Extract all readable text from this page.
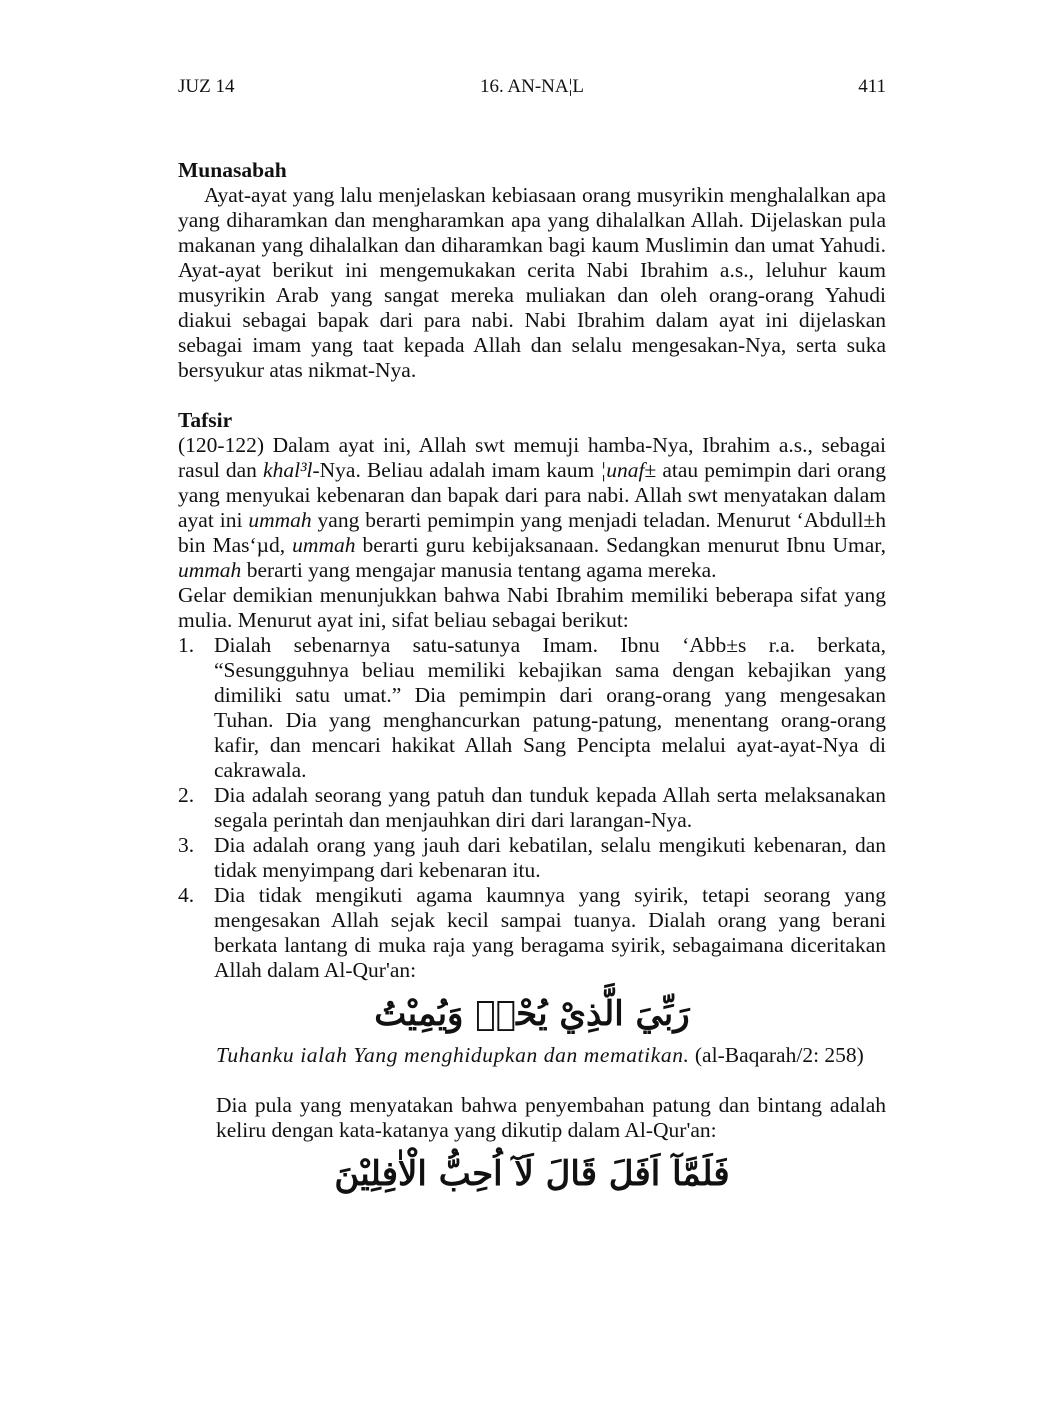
16. AN-NA¦L
JUZ 14	411

Munasabah

Ayat-ayat yang lalu menjelaskan kebiasaan orang musyrikin menghalalkan apa yang diharamkan dan mengharamkan apa yang dihalalkan Allah. Dijelaskan pula makanan yang dihalalkan dan diharamkan bagi kaum Muslimin dan umat Yahudi. Ayat-ayat berikut ini mengemukakan cerita Nabi Ibrahim a.s., leluhur kaum musyrikin Arab yang sangat mereka muliakan dan oleh orang-orang Yahudi diakui sebagai bapak dari para nabi. Nabi Ibrahim dalam ayat ini dijelaskan sebagai imam yang taat kepada Allah dan selalu mengesakan-Nya, serta suka bersyukur atas nikmat-Nya.

Tafsir

(120-122) Dalam ayat ini, Allah swt memuji hamba-Nya, Ibrahim a.s., sebagai rasul dan khal³l-Nya. Beliau adalah imam kaum ¦unaf± atau pemimpin dari orang yang menyukai kebenaran dan bapak dari para nabi. Allah swt menyatakan dalam ayat ini ummah yang berarti pemimpin yang menjadi teladan. Menurut ‘Abdull±h bin Mas‘µd, ummah berarti guru kebijaksanaan. Sedangkan menurut Ibnu Umar, ummah berarti yang mengajar manusia tentang agama mereka.

Gelar demikian menunjukkan bahwa Nabi Ibrahim memiliki beberapa sifat yang mulia. Menurut ayat ini, sifat beliau sebagai berikut:

1. Dialah sebenarnya satu-satunya Imam. Ibnu ‘Abb±s r.a. berkata, “Sesungguhnya beliau memiliki kebajikan sama dengan kebajikan yang dimiliki satu umat.” Dia pemimpin dari orang-orang yang mengesakan Tuhan. Dia yang menghancurkan patung-patung, menentang orang-orang kafir, dan mencari hakikat Allah Sang Pencipta melalui ayat-ayat-Nya di cakrawala.
2. Dia adalah seorang yang patuh dan tunduk kepada Allah serta melaksanakan segala perintah dan menjauhkan diri dari larangan-Nya.
3. Dia adalah orang yang jauh dari kebatilan, selalu mengikuti kebenaran, dan tidak menyimpang dari kebenaran itu.
4. Dia tidak mengikuti agama kaumnya yang syirik, tetapi seorang yang mengesakan Allah sejak kecil sampai tuanya. Dialah orang yang berani berkata lantang di muka raja yang beragama syirik, sebagaimana diceritakan Allah dalam Al-Qur'an:
رَبِّيَ الَّذِيْ يُحْيٖ وَيُمِيْتُ

Tuhanku ialah Yang menghidupkan dan mematikan. (al-Baqarah/2: 258)

Dia pula yang menyatakan bahwa penyembahan patung dan bintang adalah keliru dengan kata-katanya yang dikutip dalam Al-Qur'an:

فَلَمَّآ اَفَلَ قَالَ لَآ اُحِبُّ الْاٰفِلِيْنَ
